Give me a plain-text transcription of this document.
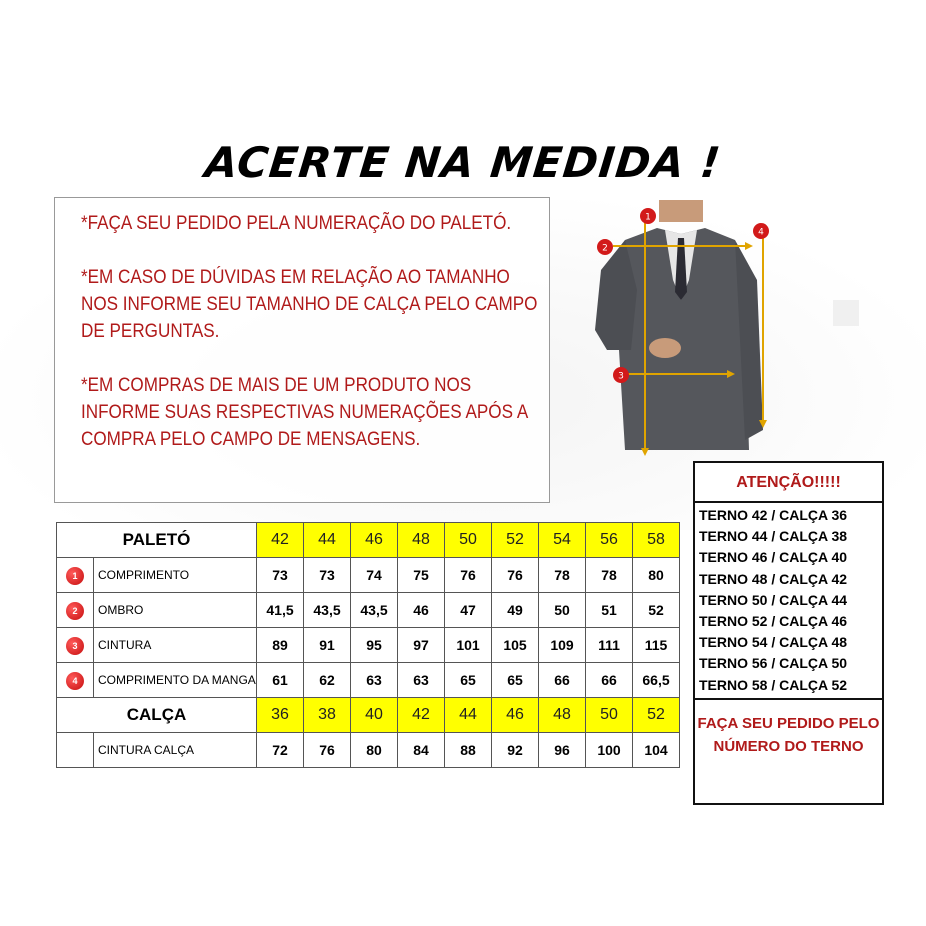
ACERTE NA MEDIDA !

*FAÇA SEU PEDIDO PELA NUMERAÇÃO DO PALETÓ.

*EM CASO DE DÚVIDAS EM RELAÇÃO AO TAMANHO NOS INFORME SEU TAMANHO DE CALÇA PELO CAMPO DE PERGUNTAS.

*EM COMPRAS DE MAIS DE UM PRODUTO NOS INFORME SUAS RESPECTIVAS NUMERAÇÕES APÓS A COMPRA PELO CAMPO DE MENSAGENS.

1
2
3
4
PALETÓ		42	44	46	48	50	52	54	56	58
1	COMPRIMENTO	73	73	74	75	76	76	78	78	80
2	OMBRO	41,5	43,5	43,5	46	47	49	50	51	52
3	CINTURA	89	91	95	97	101	105	109	111	115
4	COMPRIMENTO DA MANGA	61	62	63	63	65	65	66	66	66,5
CALÇA		36	38	40	42	44	46	48	50	52
	CINTURA CALÇA	72	76	80	84	88	92	96	100	104
ATENÇÃO!!!!!
TERNO 42 / CALÇA 36
TERNO 44 / CALÇA 38
TERNO 46 / CALÇA 40
TERNO 48 / CALÇA 42
TERNO 50 / CALÇA 44
TERNO 52 / CALÇA 46
TERNO 54 / CALÇA 48
TERNO 56 / CALÇA 50
TERNO 58 / CALÇA 52
FAÇA SEU PEDIDO PELO NÚMERO DO TERNO
